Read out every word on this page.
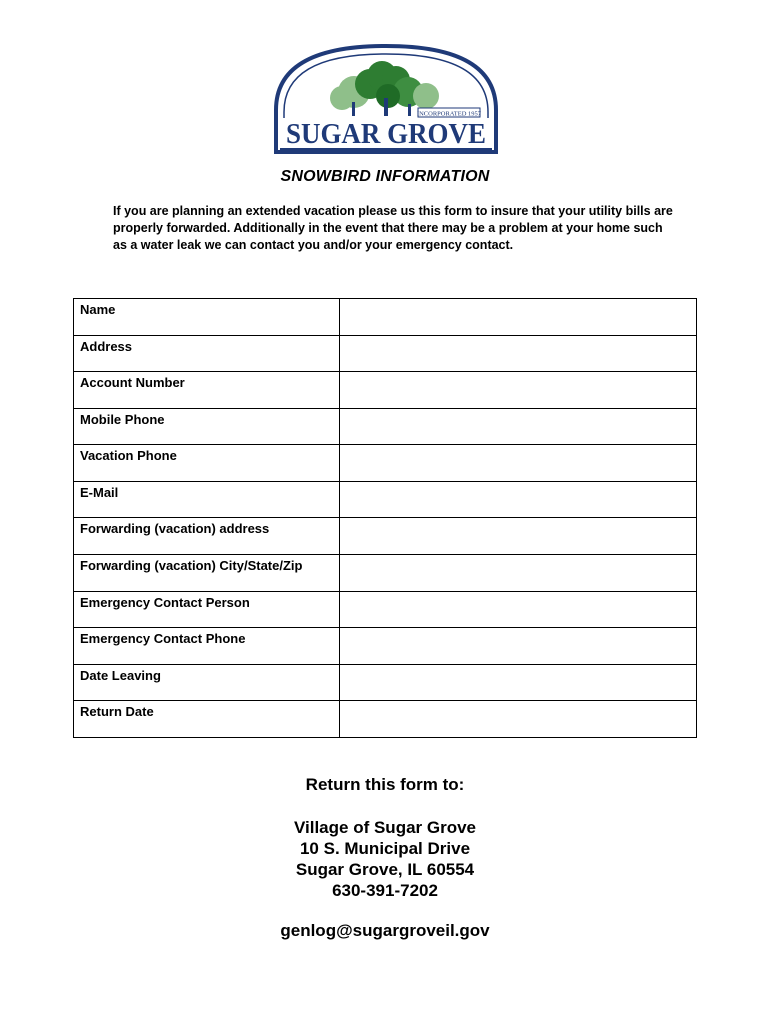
INCORPORATED 1957
SUGAR GROVE
SNOWBIRD INFORMATION
If you are planning an extended vacation please us this form to insure that your utility bills are properly forwarded. Additionally in the event that there may be a problem at your home such as a water leak we can contact you and/or your emergency contact.
Name	
Address	
Account Number	
Mobile Phone	
Vacation Phone	
E-Mail	
Forwarding (vacation) address	
Forwarding (vacation) City/State/Zip	
Emergency Contact Person	
Emergency Contact Phone	
Date Leaving	
Return Date	
Return this form to:
Village of Sugar Grove
10 S. Municipal Drive
Sugar Grove, IL 60554
630-391-7202
genlog@sugargroveil.gov
